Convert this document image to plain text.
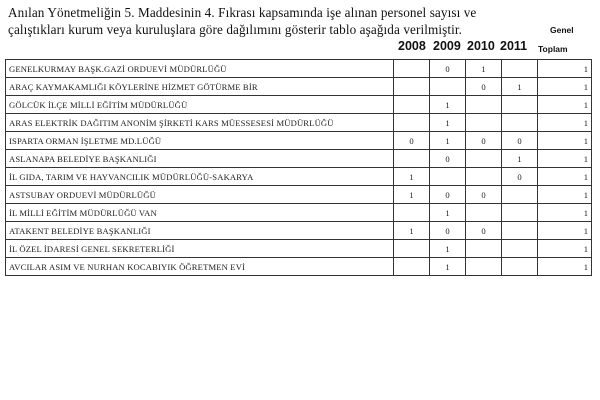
Anılan Yönetmeliğin 5. Maddesinin 4. Fıkrası kapsamında işe alınan personel sayısı ve
çalıştıkları kurum veya kuruluşlara göre dağılımını gösterir tablo aşağıda verilmiştir.	Genel
2008 2009 2010 2011 Toplam
GENELKURMAY BAŞK.GAZİ ORDUEVİ MÜDÜRLÜĞÜ		0	1		1
ARAÇ KAYMAKAMLIĞI KÖYLERİNE HİZMET GÖTÜRME BİR			0	1	1
GÖLCÜK İLÇE MİLLİ EĞİTİM MÜDÜRLÜĞÜ		1			1
ARAS ELEKTRİK DAĞITIM ANONİM ŞİRKETİ KARS MÜESSESESİ MÜDÜRLÜĞÜ		1			1
ISPARTA ORMAN İŞLETME MD.LÜĞÜ	0	1	0	0	1
ASLANAPA BELEDİYE BAŞKANLIĞI		0		1	1
İL GIDA, TARIM VE HAYVANCILIK MÜDÜRLÜĞÜ-SAKARYA	1			0	1
ASTSUBAY ORDUEVİ MÜDÜRLÜĞÜ	1	0	0		1
İL MİLLİ EĞİTİM MÜDÜRLÜĞÜ VAN		1			1
ATAKENT BELEDİYE BAŞKANLIĞI	1	0	0		1
İL ÖZEL İDARESİ GENEL SEKRETERLİĞİ		1			1
AVCILAR ASIM VE NURHAN KOCABIYIK ÖĞRETMEN EVİ		1			1
